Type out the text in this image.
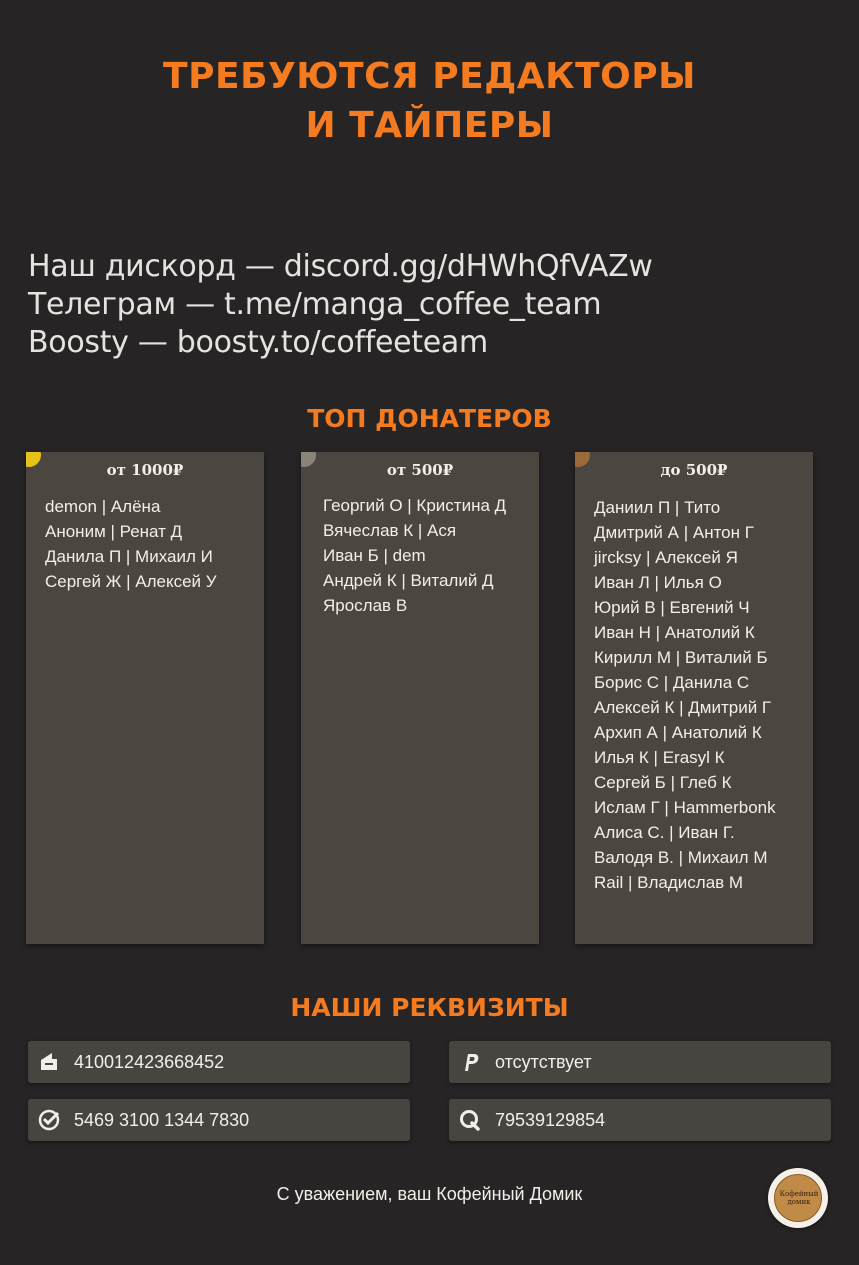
ТРЕБУЮТСЯ РЕДАКТОРЫ
И ТАЙПЕРЫ
Наш дискорд — discord.gg/dHWhQfVAZw
Телеграм — t.me/manga_coffee_team
Boosty — boosty.to/coffeeteam
ТОП ДОНАТЕРОВ
от 1000₽
demon | Алёна
Аноним | Ренат Д
Данила П | Михаил И
Сергей Ж | Алексей У
от 500₽
Георгий О | Кристина Д
Вячеслав К | Ася
Иван Б | dem
Андрей К | Виталий Д
Ярослав В
до 500₽
Даниил П | Тито
Дмитрий А | Антон Г
jircksy | Алексей Я
Иван Л | Илья О
Юрий В | Евгений Ч
Иван Н | Анатолий К
Кирилл М | Виталий Б
Борис С | Данила С
Алексей К | Дмитрий Г
Архип А | Анатолий К
Илья К | Erasyl К
Сергей Б | Глеб К
Ислам Г | Hammerbonk
Алиса С. | Иван Г.
Валодя В. | Михаил М
Rail | Владислав М
НАШИ РЕКВИЗИТЫ
410012423668452	отсутствует
5469 3100 1344 7830	79539129854
С уважением, ваш Кофейный Домик	Кофейный домик
